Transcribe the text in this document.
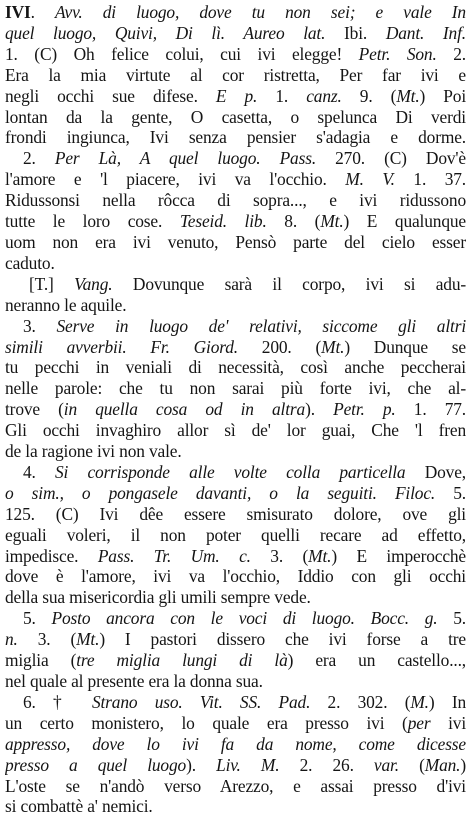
IVI. Avv. di luogo, dove tu non sei; e vale In
quel luogo, Quivi, Di lì. Aureo lat. Ibi. Dant. Inf.
1. (C) Oh felice colui, cui ivi elegge! Petr. Son. 2.
Era la mia virtute al cor ristretta, Per far ivi e
negli occhi sue difese. E p. 1. canz. 9. (Mt.) Poi
lontan da la gente, O casetta, o spelunca Di verdi
frondi ingiunca, Ivi senza pensier s'adagia e dorme.
2. Per Là, A quel luogo. Pass. 270. (C) Dov'è
l'amore e 'l piacere, ivi va l'occhio. M. V. 1. 37.
Ridussonsi nella rôcca di sopra..., e ivi ridussono
tutte le loro cose. Teseid. lib. 8. (Mt.) E qualunque
uom non era ivi venuto, Pensò parte del cielo esser
caduto.
[T.] Vang. Dovunque sarà il corpo, ivi si adu-
neranno le aquile.
3. Serve in luogo de' relativi, siccome gli altri
simili avverbii. Fr. Giord. 200. (Mt.) Dunque se
tu pecchi in veniali di necessità, così anche peccherai
nelle parole: che tu non sarai più forte ivi, che al-
trove (in quella cosa od in altra). Petr. p. 1. 77.
Gli occhi invaghiro allor sì de' lor guai, Che 'l fren
de la ragione ivi non vale.
4. Si corrisponde alle volte colla particella Dove,
o sim., o pongasele davanti, o la seguiti. Filoc. 5.
125. (C) Ivi dêe essere smisurato dolore, ove gli
eguali voleri, il non poter quelli recare ad effetto,
impedisce. Pass. Tr. Um. c. 3. (Mt.) E imperocchè
dove è l'amore, ivi va l'occhio, Iddio con gli occhi
della sua misericordia gli umili sempre vede.
5. Posto ancora con le voci di luogo. Bocc. g. 5.
n. 3. (Mt.) I pastori dissero che ivi forse a tre
miglia (tre miglia lungi di là) era un castello...,
nel quale al presente era la donna sua.
6. † Strano uso. Vit. SS. Pad. 2. 302. (M.) In
un certo monistero, lo quale era presso ivi (per ivi
appresso, dove lo ivi fa da nome, come dicesse
presso a quel luogo). Liv. M. 2. 26. var. (Man.)
L'oste se n'andò verso Arezzo, e assai presso d'ivi
si combattè a' nemici.
